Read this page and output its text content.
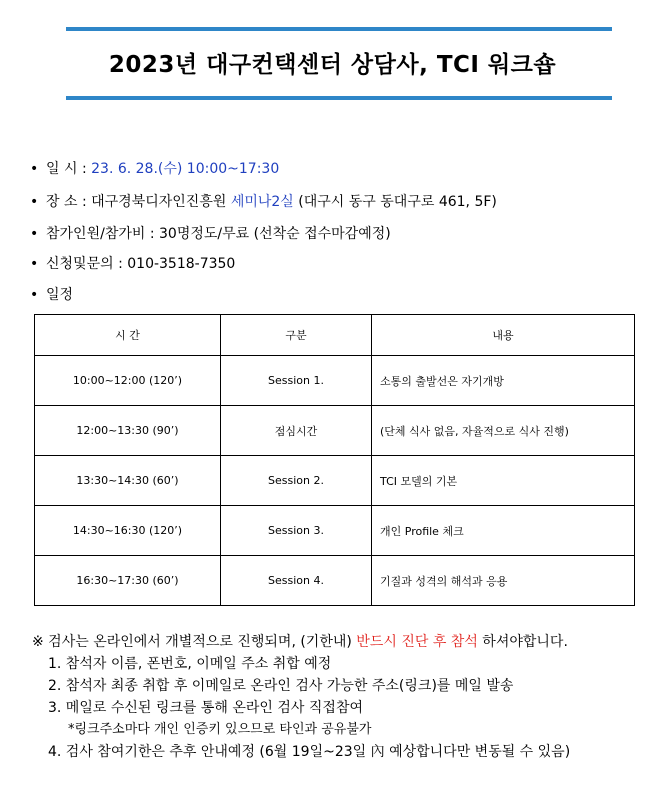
2023년 대구컨택센터 상담사, TCI 워크숍
• 일 시 : 23. 6. 28.(수) 10:00~17:30
• 장 소 : 대구경북디자인진흥원 세미나2실 (대구시 동구 동대구로 461, 5F)
• 참가인원/참가비 : 30명정도/무료 (선착순 접수마감예정)
• 신청및문의 : 010-3518-7350
• 일정
시 간	구분	내용
10:00~12:00 (120’)	Session 1.	소통의 출발선은 자기개방
12:00~13:30 (90’)	점심시간	(단체 식사 없음, 자율적으로 식사 진행)
13:30~14:30 (60’)	Session 2.	TCI 모델의 기본
14:30~16:30 (120’)	Session 3.	개인 Profile 체크
16:30~17:30 (60’)	Session 4.	기질과 성격의 해석과 응용
※ 검사는 온라인에서 개별적으로 진행되며, (기한내) 반드시 진단 후 참석 하셔야합니다.
1. 참석자 이름, 폰번호, 이메일 주소 취합 예정
2. 참석자 최종 취합 후 이메일로 온라인 검사 가능한 주소(링크)를 메일 발송
3. 메일로 수신된 링크를 통해 온라인 검사 직접참여
*링크주소마다 개인 인증키 있으므로 타인과 공유불가
4. 검사 참여기한은 추후 안내예정 (6월 19일~23일 內 예상합니다만 변동될 수 있음)
